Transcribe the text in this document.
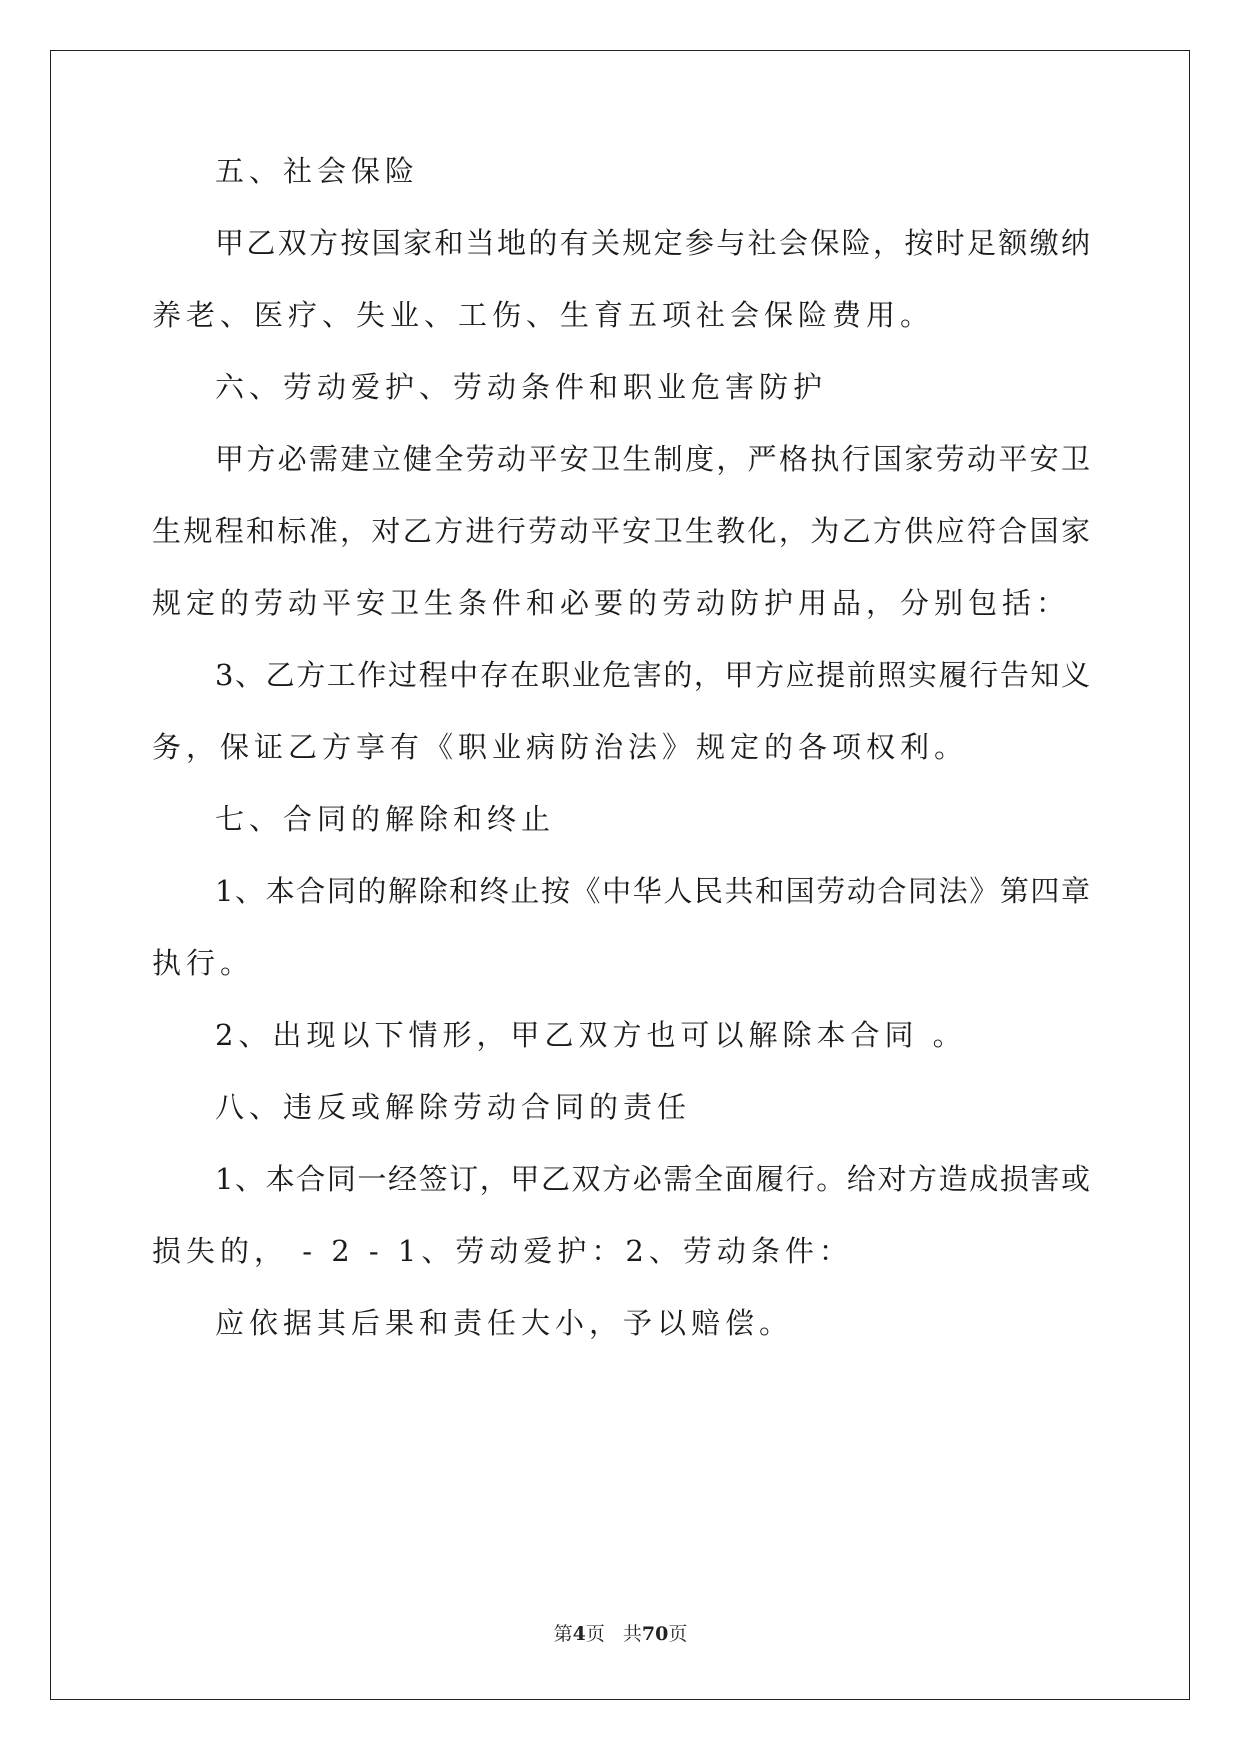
五、社会保险
甲乙双方按国家和当地的有关规定参与社会保险，按时足额缴纳
养老、医疗、失业、工伤、生育五项社会保险费用。
六、劳动爱护、劳动条件和职业危害防护
甲方必需建立健全劳动平安卫生制度，严格执行国家劳动平安卫
生规程和标准，对乙方进行劳动平安卫生教化，为乙方供应符合国家
规定的劳动平安卫生条件和必要的劳动防护用品，分别包括：
3、乙方工作过程中存在职业危害的，甲方应提前照实履行告知义
务，保证乙方享有《职业病防治法》规定的各项权利。
七、合同的解除和终止
1、本合同的解除和终止按《中华人民共和国劳动合同法》第四章
执行。
2、出现以下情形，甲乙双方也可以解除本合同 。
八、违反或解除劳动合同的责任
1、本合同一经签订，甲乙双方必需全面履行。给对方造成损害或
损失的， - 2 - 1、劳动爱护：2、劳动条件：
应依据其后果和责任大小，予以赔偿。
第4页 共70页
